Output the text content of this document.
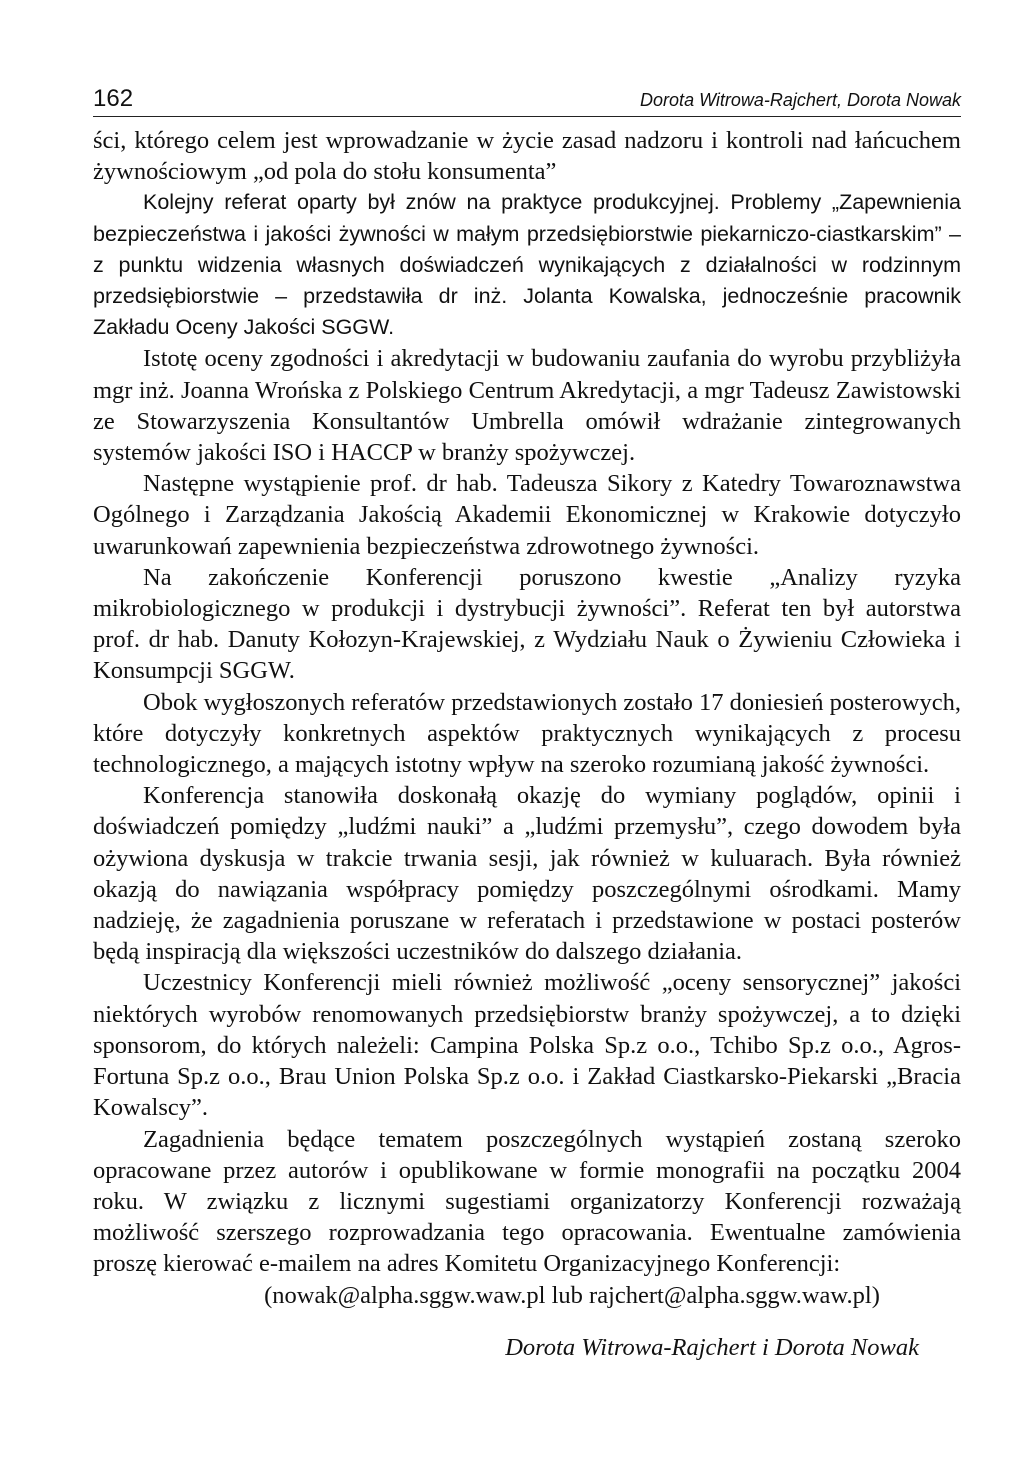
162	Dorota Witrowa-Rajchert, Dorota Nowak

ści, którego celem jest wprowadzanie w życie zasad nadzoru i kontroli nad łańcuchem żywnościowym „od pola do stołu konsumenta”

Kolejny referat oparty był znów na praktyce produkcyjnej. Problemy „Zapewnienia bezpieczeństwa i jakości żywności w małym przedsiębiorstwie piekarniczo-ciastkarskim” – z punktu widzenia własnych doświadczeń wynikających z działalności w rodzinnym przedsiębiorstwie – przedstawiła dr inż. Jolanta Kowalska, jednocześnie pracownik Zakładu Oceny Jakości SGGW.

Istotę oceny zgodności i akredytacji w budowaniu zaufania do wyrobu przybliżyła mgr inż. Joanna Wrońska z Polskiego Centrum Akredytacji, a mgr Tadeusz Zawistowski ze Stowarzyszenia Konsultantów Umbrella omówił wdrażanie zintegrowanych systemów jakości ISO i HACCP w branży spożywczej.

Następne wystąpienie prof. dr hab. Tadeusza Sikory z Katedry Towaroznawstwa Ogólnego i Zarządzania Jakością Akademii Ekonomicznej w Krakowie dotyczyło uwarunkowań zapewnienia bezpieczeństwa zdrowotnego żywności.

Na zakończenie Konferencji poruszono kwestie „Analizy ryzyka mikrobiologicznego w produkcji i dystrybucji żywności”. Referat ten był autorstwa prof. dr hab. Danuty Kołozyn-Krajewskiej, z Wydziału Nauk o Żywieniu Człowieka i Konsumpcji SGGW.

Obok wygłoszonych referatów przedstawionych zostało 17 doniesień posterowych, które dotyczyły konkretnych aspektów praktycznych wynikających z procesu technologicznego, a mających istotny wpływ na szeroko rozumianą jakość żywności.

Konferencja stanowiła doskonałą okazję do wymiany poglądów, opinii i doświadczeń pomiędzy „ludźmi nauki” a „ludźmi przemysłu”, czego dowodem była ożywiona dyskusja w trakcie trwania sesji, jak również w kuluarach. Była również okazją do nawiązania współpracy pomiędzy poszczególnymi ośrodkami. Mamy nadzieję, że zagadnienia poruszane w referatach i przedstawione w postaci posterów będą inspiracją dla większości uczestników do dalszego działania.

Uczestnicy Konferencji mieli również możliwość „oceny sensorycznej” jakości niektórych wyrobów renomowanych przedsiębiorstw branży spożywczej, a to dzięki sponsorom, do których należeli: Campina Polska Sp.z o.o., Tchibo Sp.z o.o., Agros-Fortuna Sp.z o.o., Brau Union Polska Sp.z o.o. i Zakład Ciastkarsko-Piekarski „Bracia Kowalscy”.

Zagadnienia będące tematem poszczególnych wystąpień zostaną szeroko opracowane przez autorów i opublikowane w formie monografii na początku 2004 roku. W związku z licznymi sugestiami organizatorzy Konferencji rozważają możliwość szerszego rozprowadzania tego opracowania. Ewentualne zamówienia proszę kierować e-mailem na adres Komitetu Organizacyjnego Konferencji:

(nowak@alpha.sggw.waw.pl lub rajchert@alpha.sggw.waw.pl)

Dorota Witrowa-Rajchert i Dorota Nowak
